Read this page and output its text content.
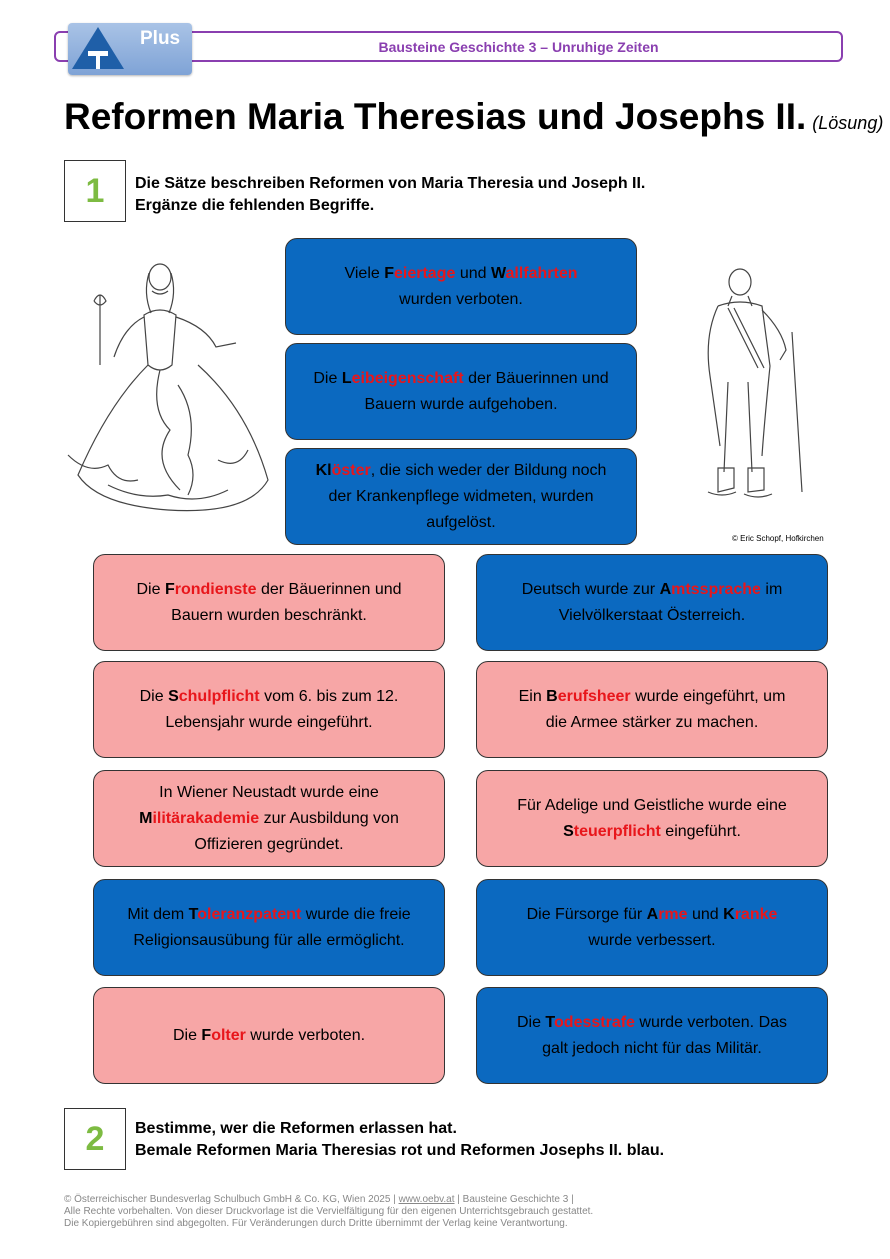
Bausteine Geschichte 3 – Unruhige Zeiten
Plus
Reformen Maria Theresias und Josephs II. (Lösung)
1	Die Sätze beschreiben Reformen von Maria Theresia und Joseph II.
Ergänze die fehlenden Begriffe.
Viele Feiertage und Wallfahrten
wurden verboten.
Die Leibeigenschaft der Bäuerinnen und
Bauern wurde aufgehoben.
Klöster, die sich weder der Bildung noch
der Krankenpflege widmeten, wurden
aufgelöst.
© Eric Schopf, Hofkirchen
Die Frondienste der Bäuerinnen und
Bauern wurden beschränkt.
Deutsch wurde zur Amtssprache im
Vielvölkerstaat Österreich.
Die Schulpflicht vom 6. bis zum 12.
Lebensjahr wurde eingeführt.
Ein Berufsheer wurde eingeführt, um
die Armee stärker zu machen.
In Wiener Neustadt wurde eine
Militärakademie zur Ausbildung von
Offizieren gegründet.
Für Adelige und Geistliche wurde eine
Steuerpflicht eingeführt.
Mit dem Toleranzpatent wurde die freie
Religionsausübung für alle ermöglicht.
Die Fürsorge für Arme und Kranke
wurde verbessert.
Die Folter wurde verboten.
Die Todesstrafe wurde verboten. Das
galt jedoch nicht für das Militär.
2	Bestimme, wer die Reformen erlassen hat.
Bemale Reformen Maria Theresias rot und Reformen Josephs II. blau.
© Österreichischer Bundesverlag Schulbuch GmbH & Co. KG, Wien 2025 | www.oebv.at | Bausteine Geschichte 3 |
Alle Rechte vorbehalten. Von dieser Druckvorlage ist die Vervielfältigung für den eigenen Unterrichtsgebrauch gestattet.
Die Kopiergebühren sind abgegolten. Für Veränderungen durch Dritte übernimmt der Verlag keine Verantwortung.
